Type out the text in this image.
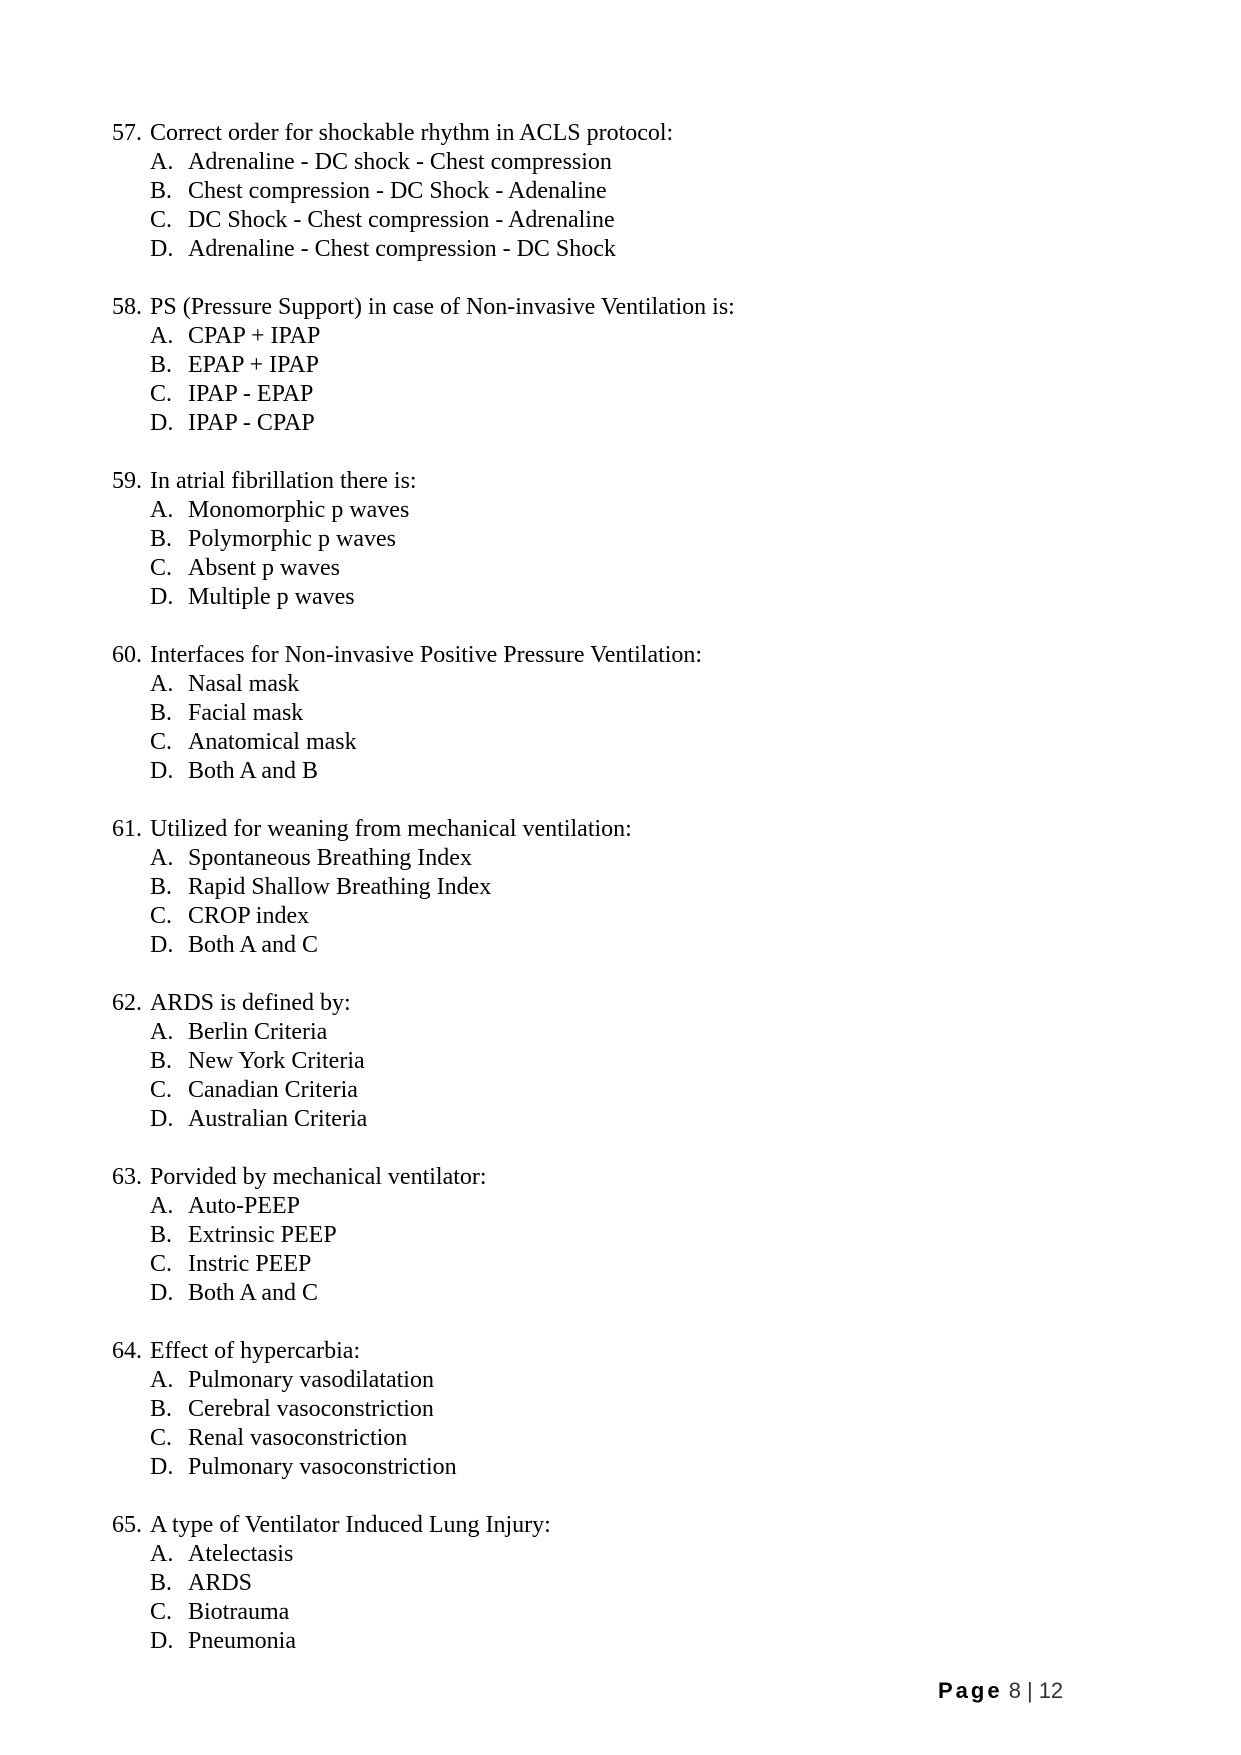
57. Correct order for shockable rhythm in ACLS protocol:
A. Adrenaline - DC shock - Chest compression
B. Chest compression - DC Shock - Adenaline
C. DC Shock - Chest compression - Adrenaline
D. Adrenaline - Chest compression - DC Shock
58. PS (Pressure Support) in case of Non-invasive Ventilation is:
A. CPAP + IPAP
B. EPAP + IPAP
C. IPAP - EPAP
D. IPAP - CPAP
59. In atrial fibrillation there is:
A. Monomorphic p waves
B. Polymorphic p waves
C. Absent p waves
D. Multiple p waves
60. Interfaces for Non-invasive Positive Pressure Ventilation:
A. Nasal mask
B. Facial mask
C. Anatomical mask
D. Both A and B
61. Utilized for weaning from mechanical ventilation:
A. Spontaneous Breathing Index
B. Rapid Shallow Breathing Index
C. CROP index
D. Both A and C
62. ARDS is defined by:
A. Berlin Criteria
B. New York Criteria
C. Canadian Criteria
D. Australian Criteria
63. Porvided by mechanical ventilator:
A. Auto-PEEP
B. Extrinsic PEEP
C. Instric PEEP
D. Both A and C
64. Effect of hypercarbia:
A. Pulmonary vasodilatation
B. Cerebral vasoconstriction
C. Renal vasoconstriction
D. Pulmonary vasoconstriction
65. A type of Ventilator Induced Lung Injury:
A. Atelectasis
B. ARDS
C. Biotrauma
D. Pneumonia
Page 8 | 12
